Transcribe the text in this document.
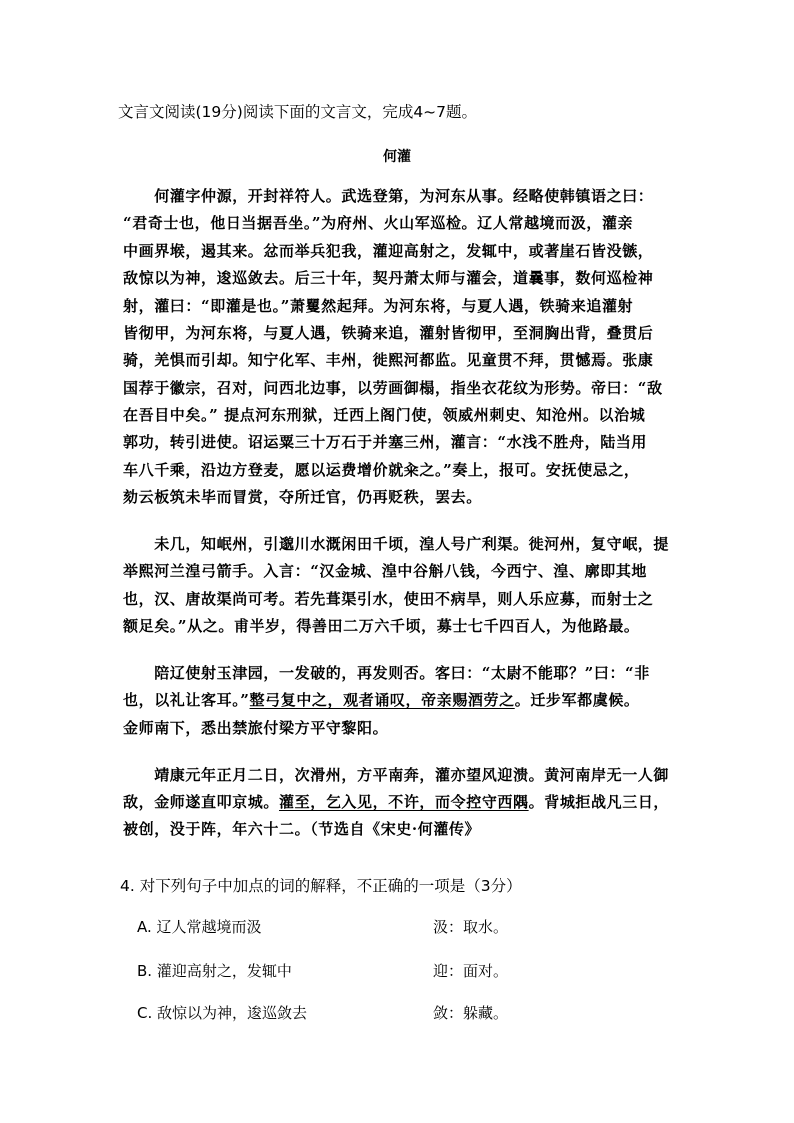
文言文阅读(19分)阅读下面的文言文，完成4~7题。
何灌
　　何灌字仲源，开封祥符人。武选登第，为河东从事。经略使韩镇语之曰：
“君奇士也，他日当据吾坐。”为府州、火山军巡检。辽人常越境而汲，灌亲
中画界堠，遏其来。忿而举兵犯我，灌迎高射之，发辄中，或著崖石皆没镞，
敌惊以为神，逡巡敛去。后三十年，契丹萧太师与灌会，道曩事，数何巡检神
射，灌曰：“即灌是也。”萧矍然起拜。为河东将，与夏人遇，铁骑来追灌射
皆彻甲，为河东将，与夏人遇，铁骑来追，灌射皆彻甲，至洞胸出背，叠贯后
骑，羌惧而引却。知宁化军、丰州，徙熙河都监。见童贯不拜，贯憾焉。张康
国荐于徽宗，召对，问西北边事，以劳画御榻，指坐衣花纹为形势。帝曰：“敌
在吾目中矣。” 提点河东刑狱，迁西上阁门使，领威州刺史、知沧州。以治城
郭功，转引进使。诏运粟三十万石于并塞三州，灌言：“水浅不胜舟，陆当用
车八千乘，沿边方登麦，愿以运费增价就籴之。”奏上，报可。安抚使忌之，
劾云板筑未毕而冒赏，夺所迁官，仍再贬秩，罢去。
　　未几，知岷州，引邈川水溉闲田千顷，湟人号广利渠。徙河州，复守岷，提
举熙河兰湟弓箭手。入言：“汉金城、湟中谷斛八钱，今西宁、湟、廓即其地
也，汉、唐故渠尚可考。若先葺渠引水，使田不病旱，则人乐应募，而射士之
额足矣。”从之。甫半岁，得善田二万六千顷，募士七千四百人，为他路最。
　　陪辽使射玉津园，一发破的，再发则否。客曰：“太尉不能耶？”曰：“非
也，以礼让客耳。”整弓复中之，观者诵叹，帝亲赐酒劳之。迁步军都虞候。
金师南下，悉出禁旅付梁方平守黎阳。
　　靖康元年正月二日，次滑州，方平南奔，灌亦望风迎溃。黄河南岸无一人御
敌，金师遂直叩京城。灌至，乞入见，不许，而令控守西隅。背城拒战凡三日，
被创，没于阵，年六十二。（节选自《宋史·何灌传》
4. 对下列句子中加点的词的解释，不正确的一项是（3分）
A. 辽人常越境而汲	汲：取水。
B. 灌迎高射之，发辄中	迎：面对。
C. 敌惊以为神，逡巡敛去	敛：躲藏。
